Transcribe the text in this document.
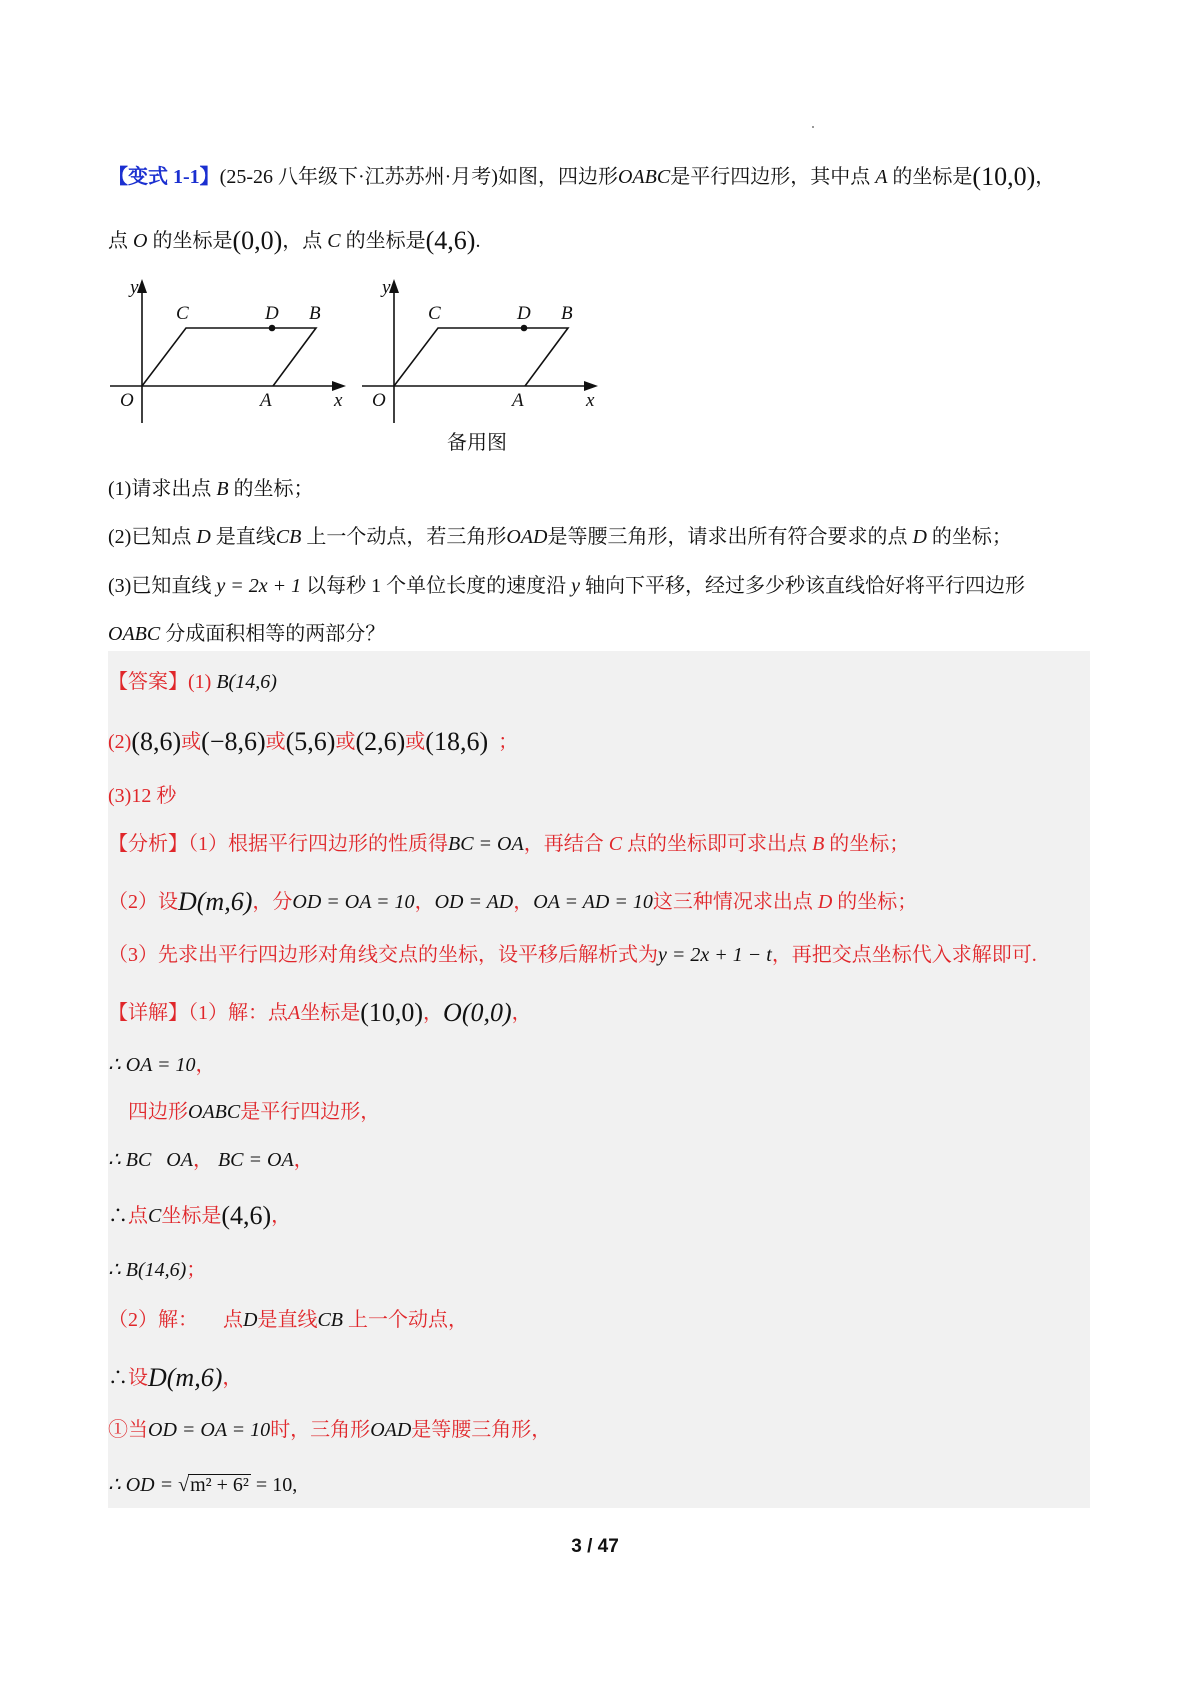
【变式 1-1】(25-26 八年级下·江苏苏州·月考)如图，四边形OABC是平行四边形，其中点 A 的坐标是(10,0)，
点 O 的坐标是(0,0)，点 C 的坐标是(4,6).
y
C	D B
O	A	x
y
C	D B
O	A	x
备用图
(1)请求出点 B 的坐标；
(2)已知点 D 是直线CB 上一个动点，若三角形OAD是等腰三角形，请求出所有符合要求的点 D 的坐标；
(3)已知直线 y = 2x + 1 以每秒 1 个单位长度的速度沿 y 轴向下平移，经过多少秒该直线恰好将平行四边形
OABC 分成面积相等的两部分？
【答案】(1) B(14,6)
(2)(8,6)或(−8,6)或(5,6)或(2,6)或(18,6) ；
(3)12 秒
【分析】（1）根据平行四边形的性质得BC = OA，再结合 C 点的坐标即可求出点 B 的坐标；
（2）设D(m,6)，分OD = OA = 10，OD = AD，OA = AD = 10这三种情况求出点 D 的坐标；
（3）先求出平行四边形对角线交点的坐标，设平移后解析式为y = 2x + 1 − t，再把交点坐标代入求解即可.
【详解】（1）解：点A坐标是(10,0)，O(0,0)，
∴ OA = 10，
四边形OABC是平行四边形，
∴ BC OA， BC = OA，
∴点C坐标是(4,6)，
∴ B(14,6)；
（2）解： 点D是直线CB 上一个动点，
∴设D(m,6)，
①当OD = OA = 10时，三角形OAD是等腰三角形，
∴ OD = √m² + 6² = 10,
3 / 47
